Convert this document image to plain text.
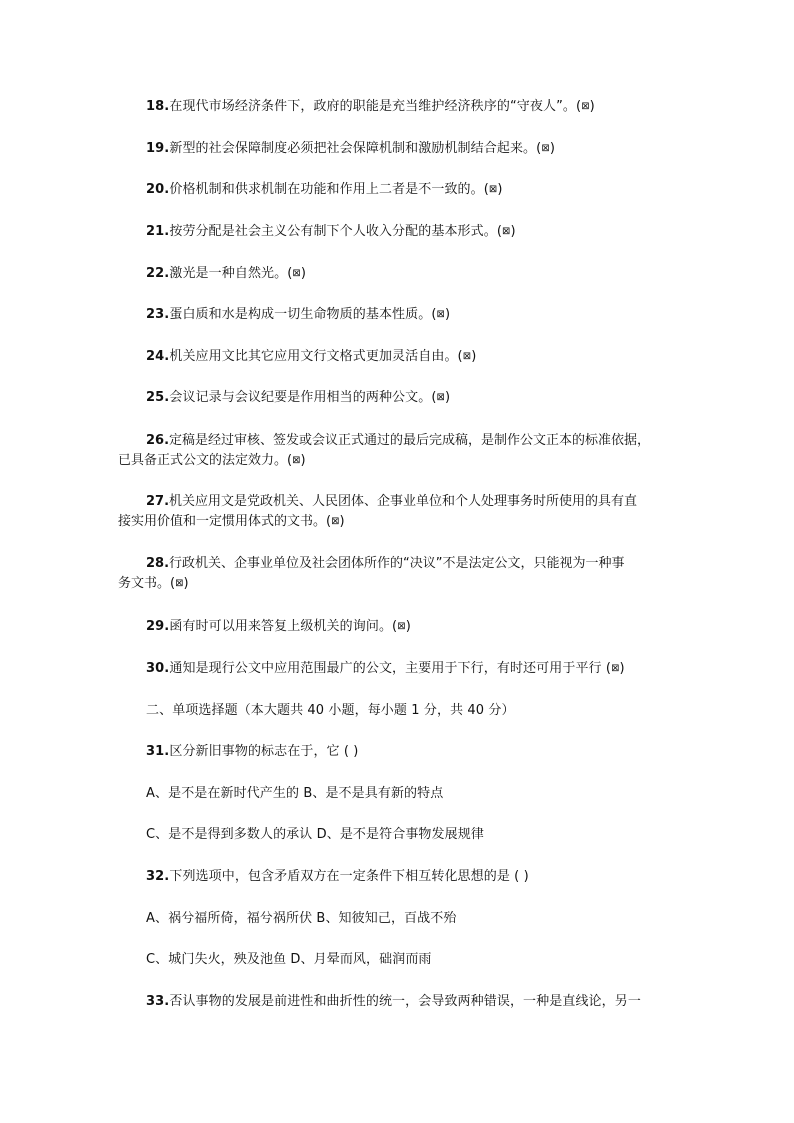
18.在现代市场经济条件下，政府的职能是充当维护经济秩序的“守夜人”。(⊠)
19.新型的社会保障制度必须把社会保障机制和激励机制结合起来。(⊠)
20.价格机制和供求机制在功能和作用上二者是不一致的。(⊠)
21.按劳分配是社会主义公有制下个人收入分配的基本形式。(⊠)
22.激光是一种自然光。(⊠)
23.蛋白质和水是构成一切生命物质的基本性质。(⊠)
24.机关应用文比其它应用文行文格式更加灵活自由。(⊠)
25.会议记录与会议纪要是作用相当的两种公文。(⊠)
26.定稿是经过审核、签发或会议正式通过的最后完成稿，是制作公文正本的标准依据，
已具备正式公文的法定效力。(⊠)
27.机关应用文是党政机关、人民团体、企事业单位和个人处理事务时所使用的具有直
接实用价值和一定惯用体式的文书。(⊠)
28.行政机关、企事业单位及社会团体所作的“决议”不是法定公文，只能视为一种事
务文书。(⊠)
29.函有时可以用来答复上级机关的询问。(⊠)
30.通知是现行公文中应用范围最广的公文，主要用于下行，有时还可用于平行 (⊠)
二、单项选择题（本大题共 40 小题，每小题 1 分，共 40 分）
31.区分新旧事物的标志在于，它 ( )
A、是不是在新时代产生的 B、是不是具有新的特点
C、是不是得到多数人的承认 D、是不是符合事物发展规律
32.下列选项中，包含矛盾双方在一定条件下相互转化思想的是 ( )
A、祸兮福所倚，福兮祸所伏 B、知彼知己，百战不殆
C、城门失火，殃及池鱼 D、月晕而风，础润而雨
33.否认事物的发展是前进性和曲折性的统一，会导致两种错误，一种是直线论，另一
